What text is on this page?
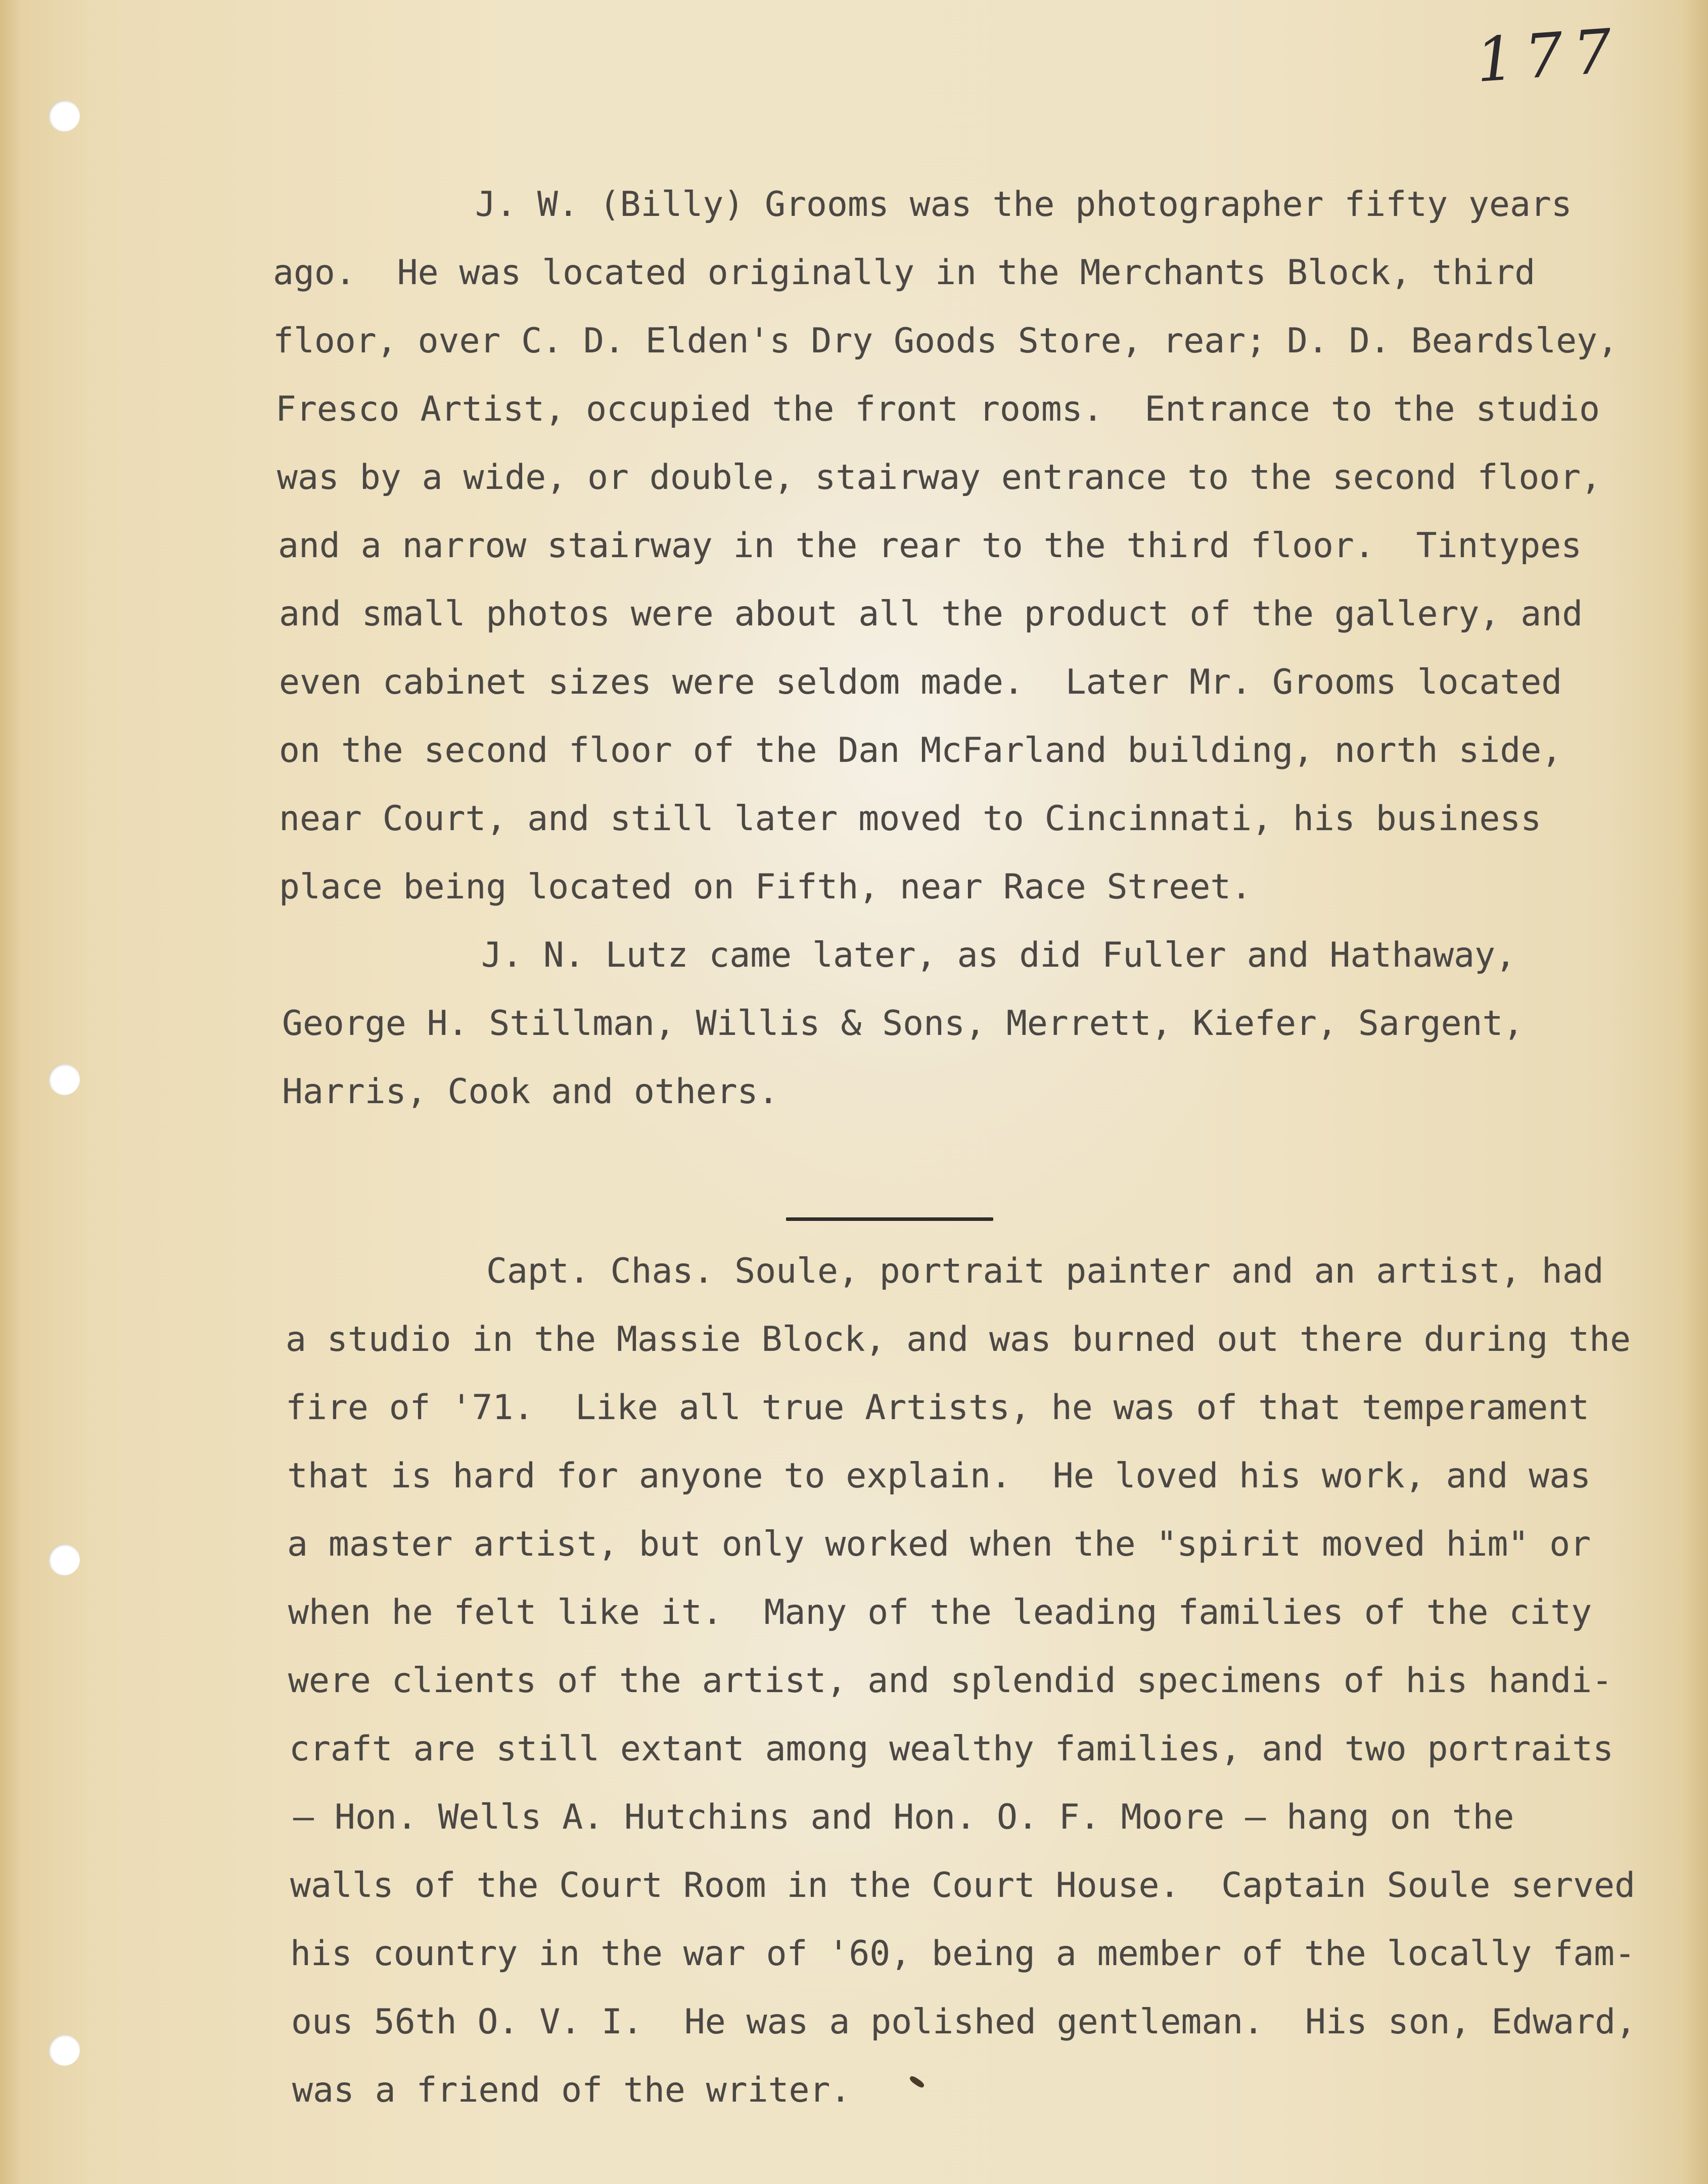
177
J. W. (Billy) Grooms was the photographer fifty years
ago.  He was located originally in the Merchants Block, third
floor, over C. D. Elden's Dry Goods Store, rear; D. D. Beardsley,
Fresco Artist, occupied the front rooms.  Entrance to the studio
was by a wide, or double, stairway entrance to the second floor,
and a narrow stairway in the rear to the third floor.  Tintypes
and small photos were about all the product of the gallery, and
even cabinet sizes were seldom made.  Later Mr. Grooms located
on the second floor of the Dan McFarland building, north side,
near Court, and still later moved to Cincinnati, his business
place being located on Fifth, near Race Street.
J. N. Lutz came later, as did Fuller and Hathaway,
George H. Stillman, Willis & Sons, Merrett, Kiefer, Sargent,
Harris, Cook and others.
Capt. Chas. Soule, portrait painter and an artist, had
a studio in the Massie Block, and was burned out there during the
fire of '71.  Like all true Artists, he was of that temperament
that is hard for anyone to explain.  He loved his work, and was
a master artist, but only worked when the "spirit moved him" or
when he felt like it.  Many of the leading families of the city
were clients of the artist, and splendid specimens of his handi-
craft are still extant among wealthy families, and two portraits
— Hon. Wells A. Hutchins and Hon. O. F. Moore — hang on the
walls of the Court Room in the Court House.  Captain Soule served
his country in the war of '60, being a member of the locally fam-
ous 56th O. V. I.  He was a polished gentleman.  His son, Edward,
was a friend of the writer.
